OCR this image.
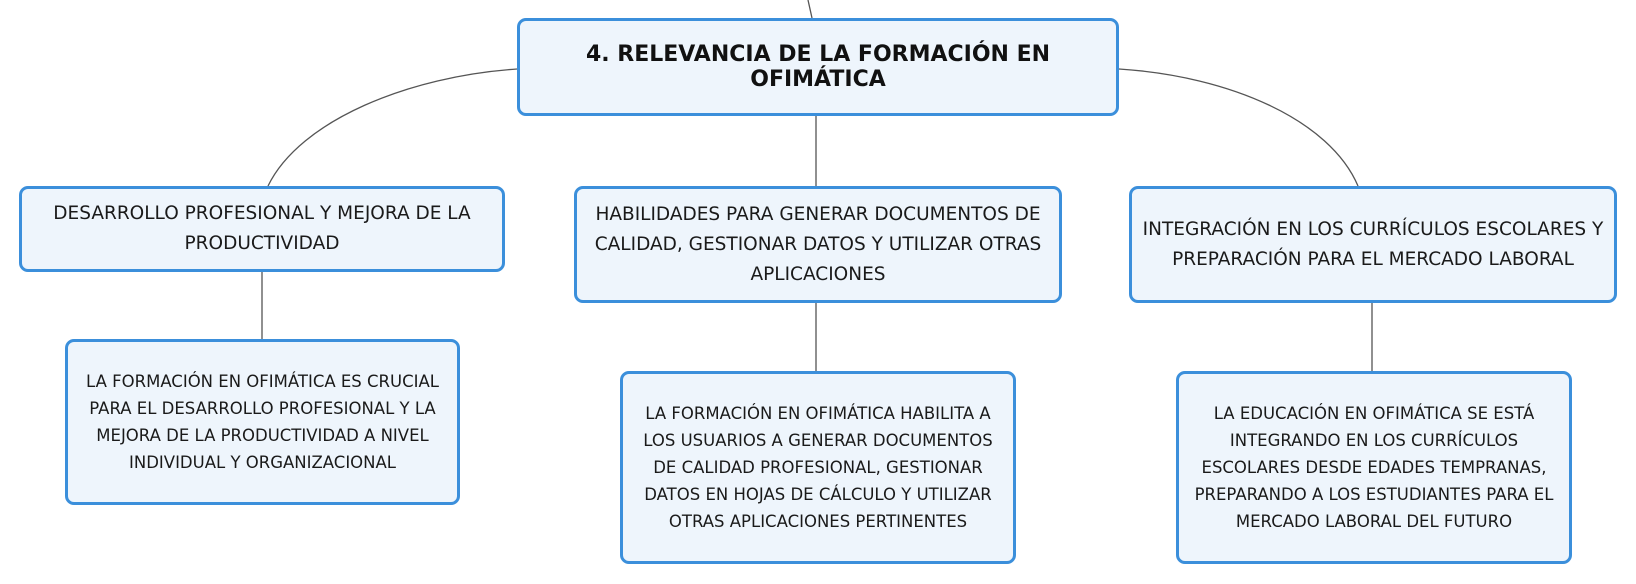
4. RELEVANCIA DE LA FORMACIÓN EN OFIMÁTICA
DESARROLLO PROFESIONAL Y MEJORA DE LA PRODUCTIVIDAD
HABILIDADES PARA GENERAR DOCUMENTOS DE CALIDAD, GESTIONAR DATOS Y UTILIZAR OTRAS APLICACIONES
INTEGRACIÓN EN LOS CURRÍCULOS ESCOLARES Y PREPARACIÓN PARA EL MERCADO LABORAL
LA FORMACIÓN EN OFIMÁTICA ES CRUCIAL PARA EL DESARROLLO PROFESIONAL Y LA MEJORA DE LA PRODUCTIVIDAD A NIVEL INDIVIDUAL Y ORGANIZACIONAL
LA FORMACIÓN EN OFIMÁTICA HABILITA A LOS USUARIOS A GENERAR DOCUMENTOS DE CALIDAD PROFESIONAL, GESTIONAR DATOS EN HOJAS DE CÁLCULO Y UTILIZAR OTRAS APLICACIONES PERTINENTES
LA EDUCACIÓN EN OFIMÁTICA SE ESTÁ INTEGRANDO EN LOS CURRÍCULOS ESCOLARES DESDE EDADES TEMPRANAS, PREPARANDO A LOS ESTUDIANTES PARA EL MERCADO LABORAL DEL FUTURO
